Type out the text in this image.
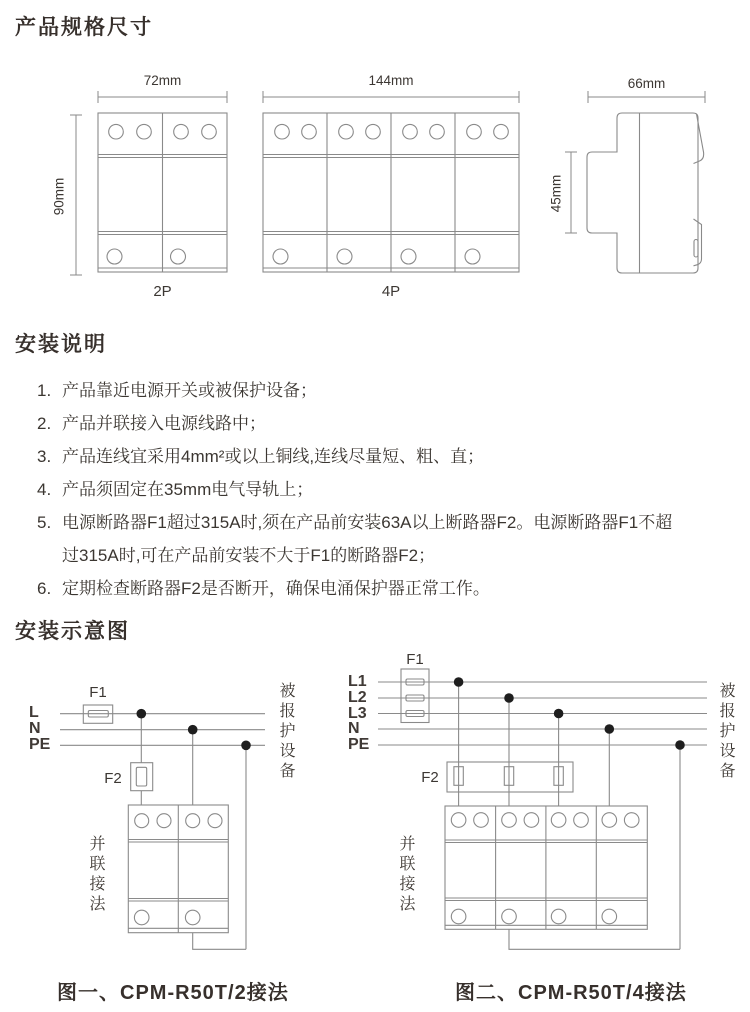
产品规格尺寸
72mm	144mm	66mm
90mm	45mm
2P	4P
安装说明
1. 产品靠近电源开关或被保护设备；
2. 产品并联接入电源线路中；
3. 产品连线宜采用4mm²或以上铜线,连线尽量短、粗、直；
4. 产品须固定在35mm电气导轨上；
5. 电源断路器F1超过315A时,须在产品前安装63A以上断路器F2。电源断路器F1不超过315A时,可在产品前安装不大于F1的断路器F2；
6. 定期检查断路器F2是否断开，确保电涌保护器正常工作。
安装示意图
L
N
PE
F1
F2	被报护设备
并联接法
图一、CPM-R50T/2接法
L1
L2
L3
N
PE
F1
F2	被报护设备
并联接法
图二、CPM-R50T/4接法
